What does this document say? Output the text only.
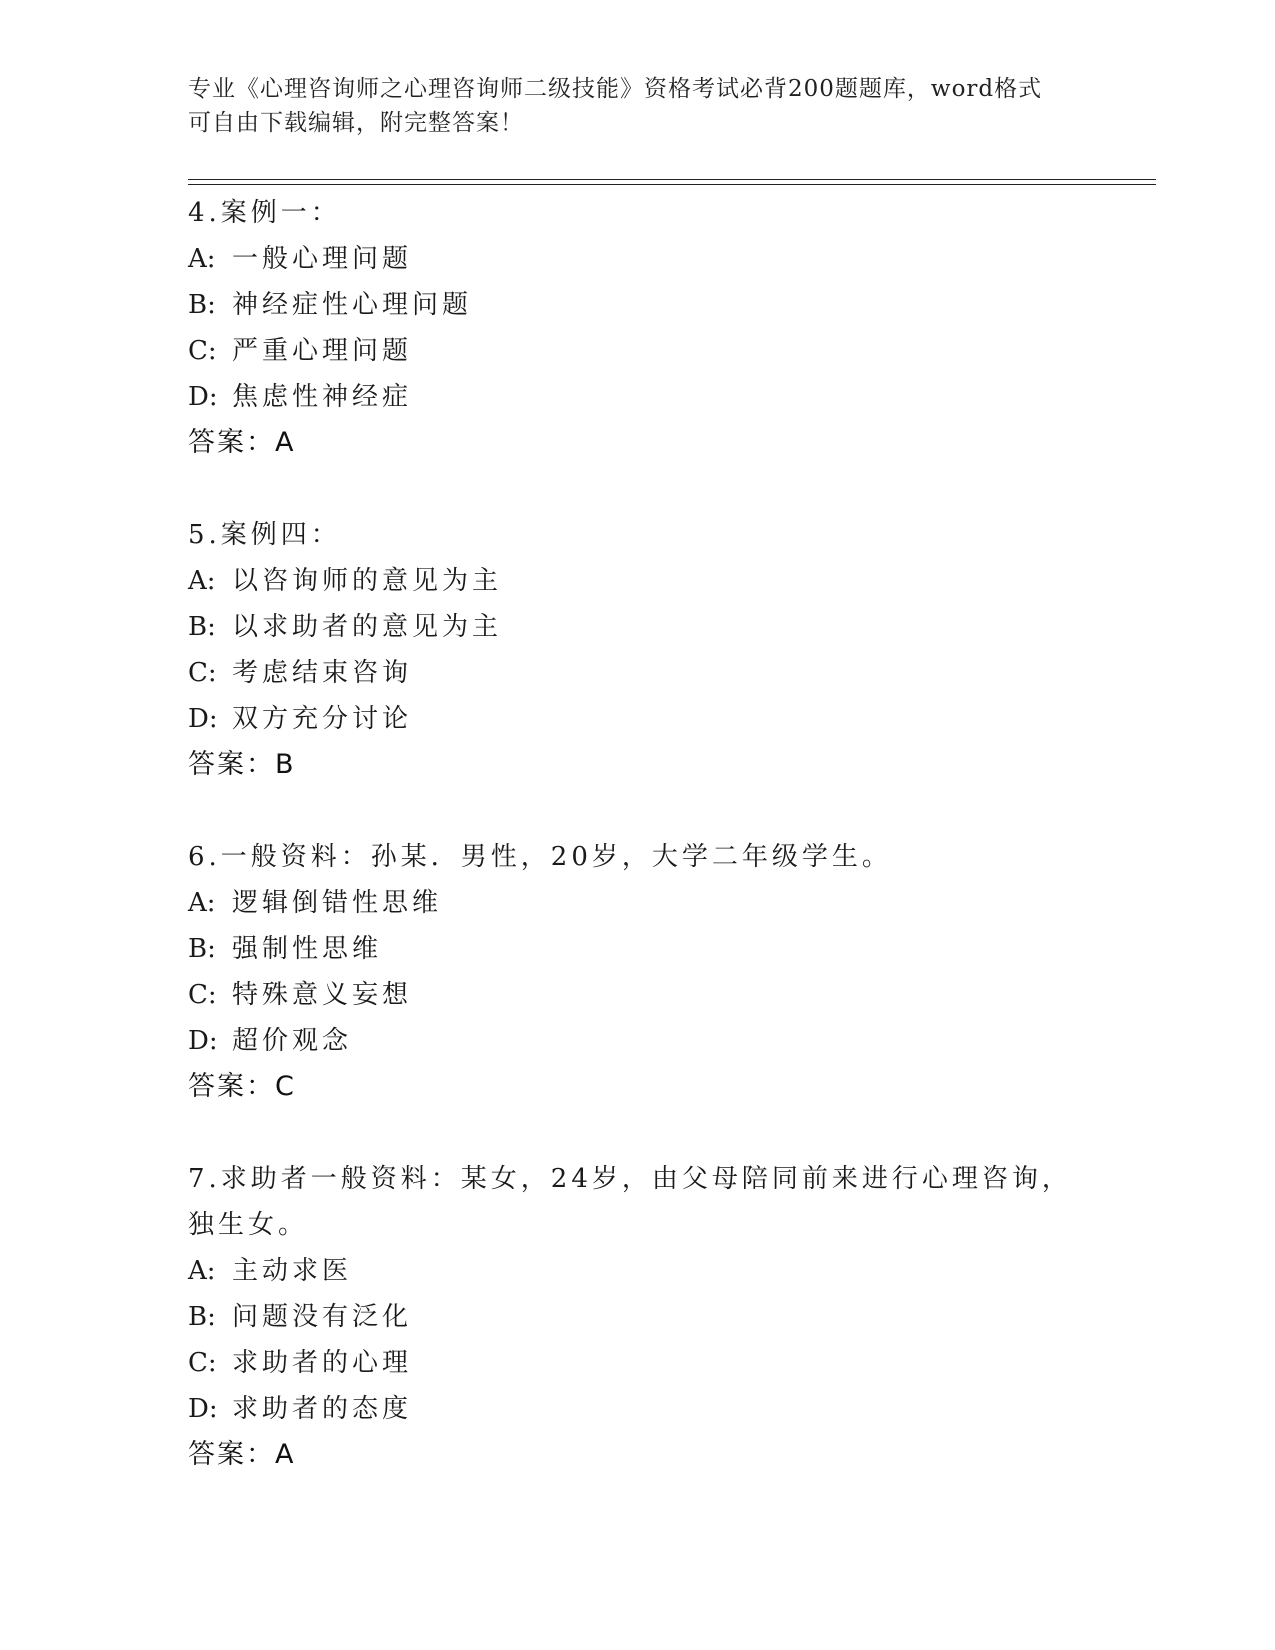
专业《心理咨询师之心理咨询师二级技能》资格考试必背200题题库，word格式
可自由下载编辑，附完整答案！
4.案例一：
A: 一般心理问题
B: 神经症性心理问题
C: 严重心理问题
D: 焦虑性神经症
答案：A
5.案例四：
A: 以咨询师的意见为主
B: 以求助者的意见为主
C: 考虑结束咨询
D: 双方充分讨论
答案：B
6.一般资料：孙某．男性，20岁，大学二年级学生。
A: 逻辑倒错性思维
B: 强制性思维
C: 特殊意义妄想
D: 超价观念
答案：C
7.求助者一般资料：某女，24岁，由父母陪同前来进行心理咨询，独生女。
A: 主动求医
B: 问题没有泛化
C: 求助者的心理
D: 求助者的态度
答案：A
